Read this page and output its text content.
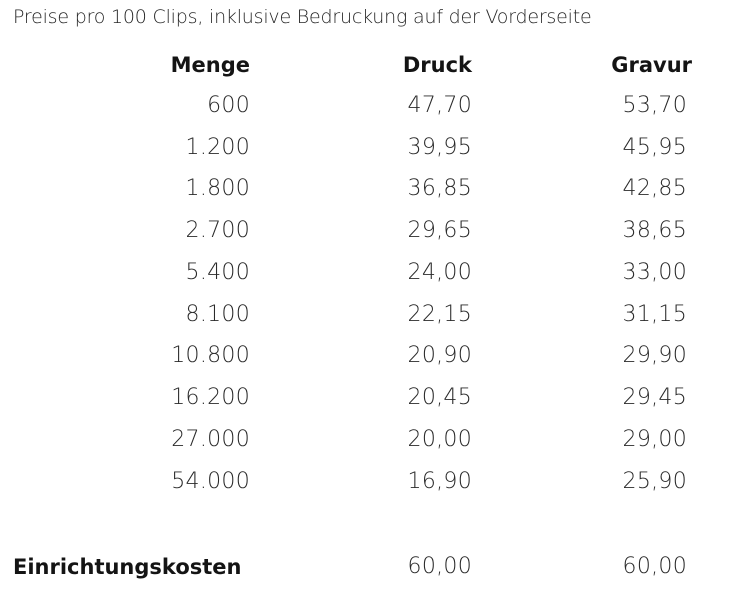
Preise pro 100 Clips, inklusive Bedruckung auf der Vorderseite
Menge	Druck	Gravur
600	47,70	53,70
1.200	39,95	45,95
1.800	36,85	42,85
2.700	29,65	38,65
5.400	24,00	33,00
8.100	22,15	31,15
10.800	20,90	29,90
16.200	20,45	29,45
27.000	20,00	29,00
54.000	16,90	25,90
Einrichtungskosten	60,00	60,00
